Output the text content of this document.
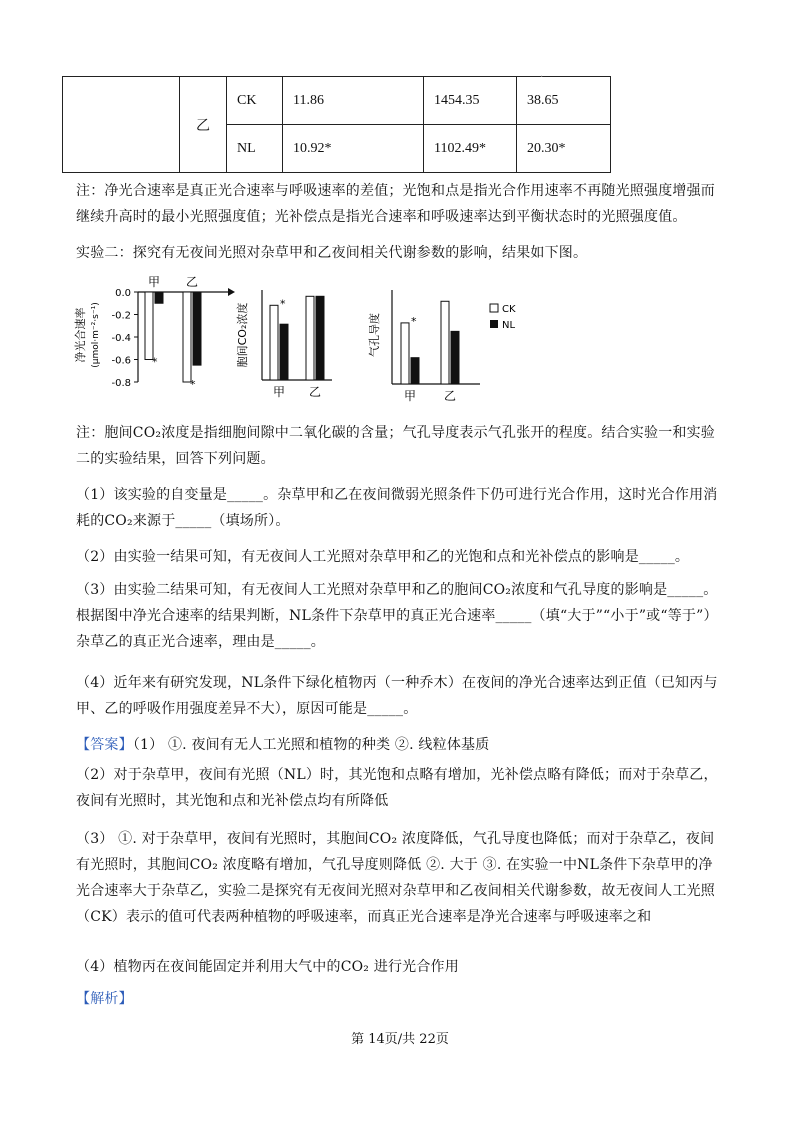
	乙	CK	11.86	1454.35	38.65
		NL	10.92*	1102.49*	20.30*
·

注：净光合速率是真正光合速率与呼吸速率的差值；光饱和点是指光合作用速率不再随光照强度增强而继续升高时的最小光照强度值；光补偿点是指光合速率和呼吸速率达到平衡状态时的光照强度值。

实验二：探究有无夜间光照对杂草甲和乙夜间相关代谢参数的影响，结果如下图。

净光合速率 (μmol·m⁻²·s⁻¹)
0.0
-0.2
-0.4
-0.6
-0.8
*
*
甲 乙
胞间CO₂浓度	*
甲 乙
气孔导度	*
甲 乙
CK
NL

注：胞间CO₂浓度是指细胞间隙中二氧化碳的含量；气孔导度表示气孔张开的程度。结合实验一和实验二的实验结果，回答下列问题。

（1）该实验的自变量是_____。杂草甲和乙在夜间微弱光照条件下仍可进行光合作用，这时光合作用消耗的CO₂来源于_____（填场所）。

（2）由实验一结果可知，有无夜间人工光照对杂草甲和乙的光饱和点和光补偿点的影响是_____。

（3）由实验二结果可知，有无夜间人工光照对杂草甲和乙的胞间CO₂浓度和气孔导度的影响是_____。根据图中净光合速率的结果判断，NL条件下杂草甲的真正光合速率_____（填“大于”“小于”或“等于”）杂草乙的真正光合速率，理由是_____。

（4）近年来有研究发现，NL条件下绿化植物丙（一种乔木）在夜间的净光合速率达到正值（已知丙与甲、乙的呼吸作用强度差异不大），原因可能是_____。

【答案】（1） ①. 夜间有无人工光照和植物的种类 ②. 线粒体基质

（2）对于杂草甲，夜间有光照（NL）时，其光饱和点略有增加，光补偿点略有降低；而对于杂草乙，夜间有光照时，其光饱和点和光补偿点均有所降低

（3） ①. 对于杂草甲，夜间有光照时，其胞间CO₂ 浓度降低，气孔导度也降低；而对于杂草乙，夜间有光照时，其胞间CO₂ 浓度略有增加，气孔导度则降低 ②. 大于 ③. 在实验一中NL条件下杂草甲的净光合速率大于杂草乙，实验二是探究有无夜间光照对杂草甲和乙夜间相关代谢参数，故无夜间人工光照（CK）表示的值可代表两种植物的呼吸速率，而真正光合速率是净光合速率与呼吸速率之和

（4）植物丙在夜间能固定并利用大气中的CO₂ 进行光合作用

【解析】

第 14页/共 22页
